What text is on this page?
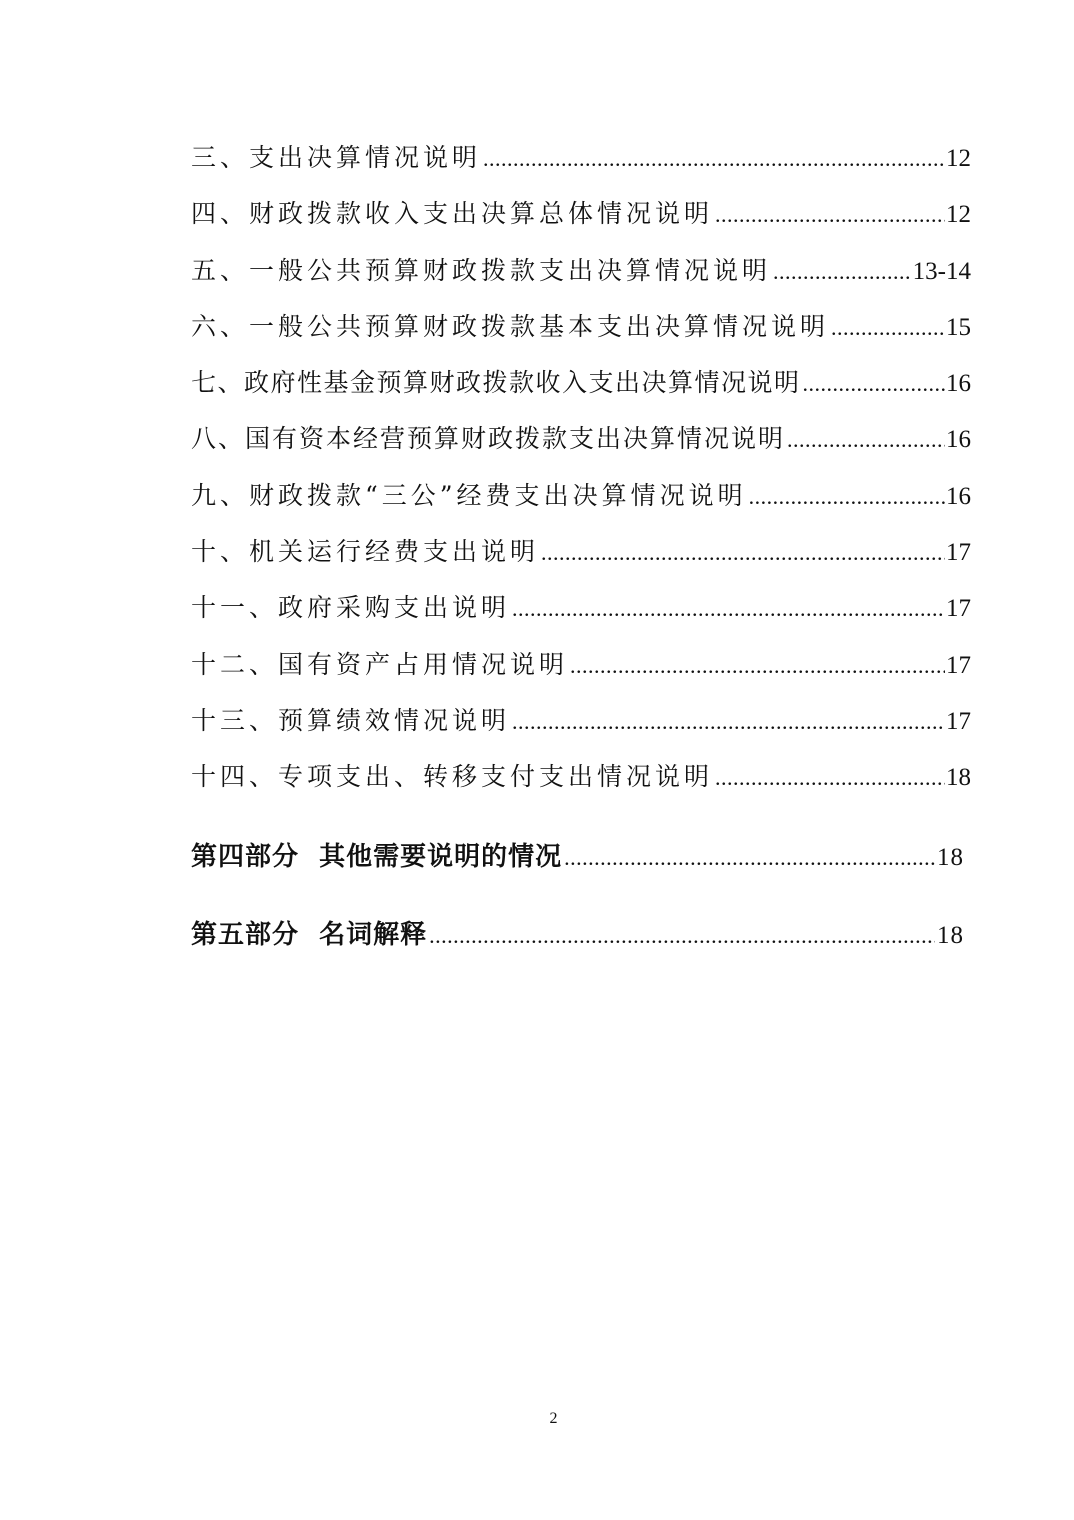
三、支出决算情况说明 .....	12
四、财政拨款收入支出决算总体情况说明 .....	12
五、一般公共预算财政拨款支出决算情况说明 .....	13-14
六、一般公共预算财政拨款基本支出决算情况说明 .....	15
七、政府性基金预算财政拨款收入支出决算情况说明 .....	16
八、国有资本经营预算财政拨款支出决算情况说明 .....	16
九、财政拨款“三公”经费支出决算情况说明 .....	16
十、机关运行经费支出说明 .....	17
十一、政府采购支出说明 .....	17
十二、国有资产占用情况说明 .....	17
十三、预算绩效情况说明 .....	17
十四、专项支出、转移支付支出情况说明 .....	18
第四部分  其他需要说明的情况 .....	18
第五部分  名词解释 .....	18
2
